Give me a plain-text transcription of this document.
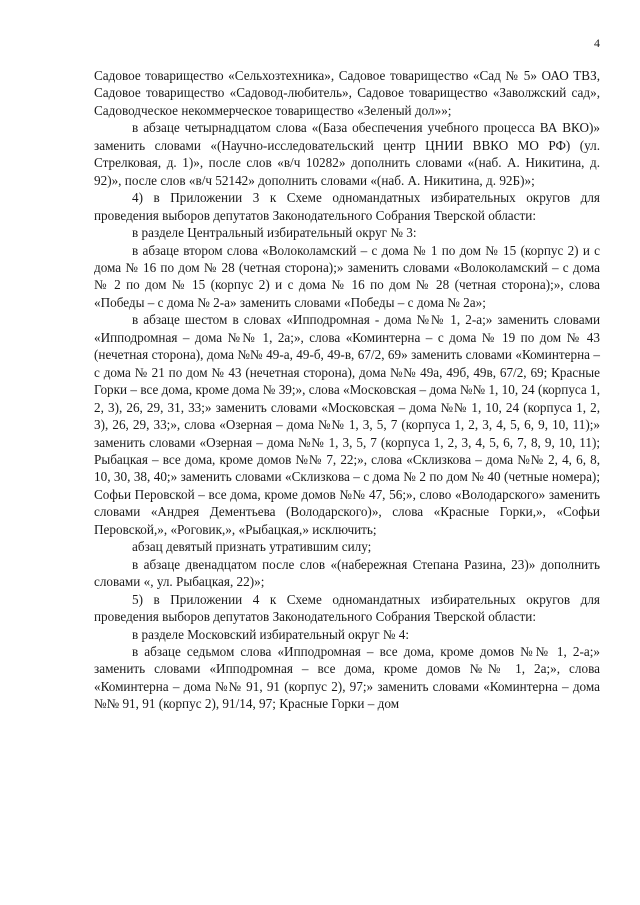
4

Садовое товарищество «Сельхозтехника», Садовое товарищество «Сад № 5» ОАО ТВЗ, Садовое товарищество «Садовод-любитель», Садовое товарищество «Заволжский сад», Садоводческое некоммерческое товарищество «Зеленый дол»»;

в абзаце четырнадцатом слова «(База обеспечения учебного процесса ВА ВКО)» заменить словами «(Научно-исследовательский центр ЦНИИ ВВКО МО РФ) (ул. Стрелковая, д. 1)», после слов «в/ч 10282» дополнить словами «(наб. А. Никитина, д. 92)», после слов «в/ч 52142» дополнить словами «(наб. А. Никитина, д. 92Б)»;

4) в Приложении 3 к Схеме одномандатных избирательных округов для проведения выборов депутатов Законодательного Собрания Тверской области:

в разделе Центральный избирательный округ № 3:

в абзаце втором слова «Волоколамский – с дома № 1 по дом № 15 (корпус 2) и с дома № 16 по дом № 28 (четная сторона);» заменить словами «Волоколамский – с дома № 2 по дом № 15 (корпус 2) и с дома № 16 по дом № 28 (четная сторона);», слова «Победы – с дома № 2-а» заменить словами «Победы – с дома № 2а»;

в абзаце шестом в словах «Ипподромная - дома №№ 1, 2-а;» заменить словами «Ипподромная – дома №№ 1, 2а;», слова «Коминтерна – с дома № 19 по дом № 43 (нечетная сторона), дома №№ 49-а, 49-б, 49-в, 67/2, 69» заменить словами «Коминтерна – с дома № 21 по дом № 43 (нечетная сторона), дома №№ 49а, 49б, 49в, 67/2, 69; Красные Горки – все дома, кроме дома № 39;», слова «Московская – дома №№ 1, 10, 24 (корпуса 1, 2, 3), 26, 29, 31, 33;» заменить словами «Московская – дома №№ 1, 10, 24 (корпуса 1, 2, 3), 26, 29, 33;», слова «Озерная – дома №№ 1, 3, 5, 7 (корпуса 1, 2, 3, 4, 5, 6, 9, 10, 11);» заменить словами «Озерная – дома №№ 1, 3, 5, 7 (корпуса 1, 2, 3, 4, 5, 6, 7, 8, 9, 10, 11); Рыбацкая – все дома, кроме домов №№ 7, 22;», слова «Склизкова – дома №№ 2, 4, 6, 8, 10, 30, 38, 40;» заменить словами «Склизкова – с дома № 2 по дом № 40 (четные номера); Софьи Перовской – все дома, кроме домов №№ 47, 56;», слово «Володарского» заменить словами «Андрея Дементьева (Володарского)», слова «Красные Горки,», «Софьи Перовской,», «Роговик,», «Рыбацкая,» исключить;

абзац девятый признать утратившим силу;

в абзаце двенадцатом после слов «(набережная Степана Разина, 23)» дополнить словами «, ул. Рыбацкая, 22)»;

5) в Приложении 4 к Схеме одномандатных избирательных округов для проведения выборов депутатов Законодательного Собрания Тверской области:

в разделе Московский избирательный округ № 4:

в абзаце седьмом слова «Ипподромная – все дома, кроме домов №№ 1, 2-а;» заменить словами «Ипподромная – все дома, кроме домов №№ 1, 2а;», слова «Коминтерна – дома №№ 91, 91 (корпус 2), 97;» заменить словами «Коминтерна – дома №№ 91, 91 (корпус 2), 91/14, 97; Красные Горки – дом
